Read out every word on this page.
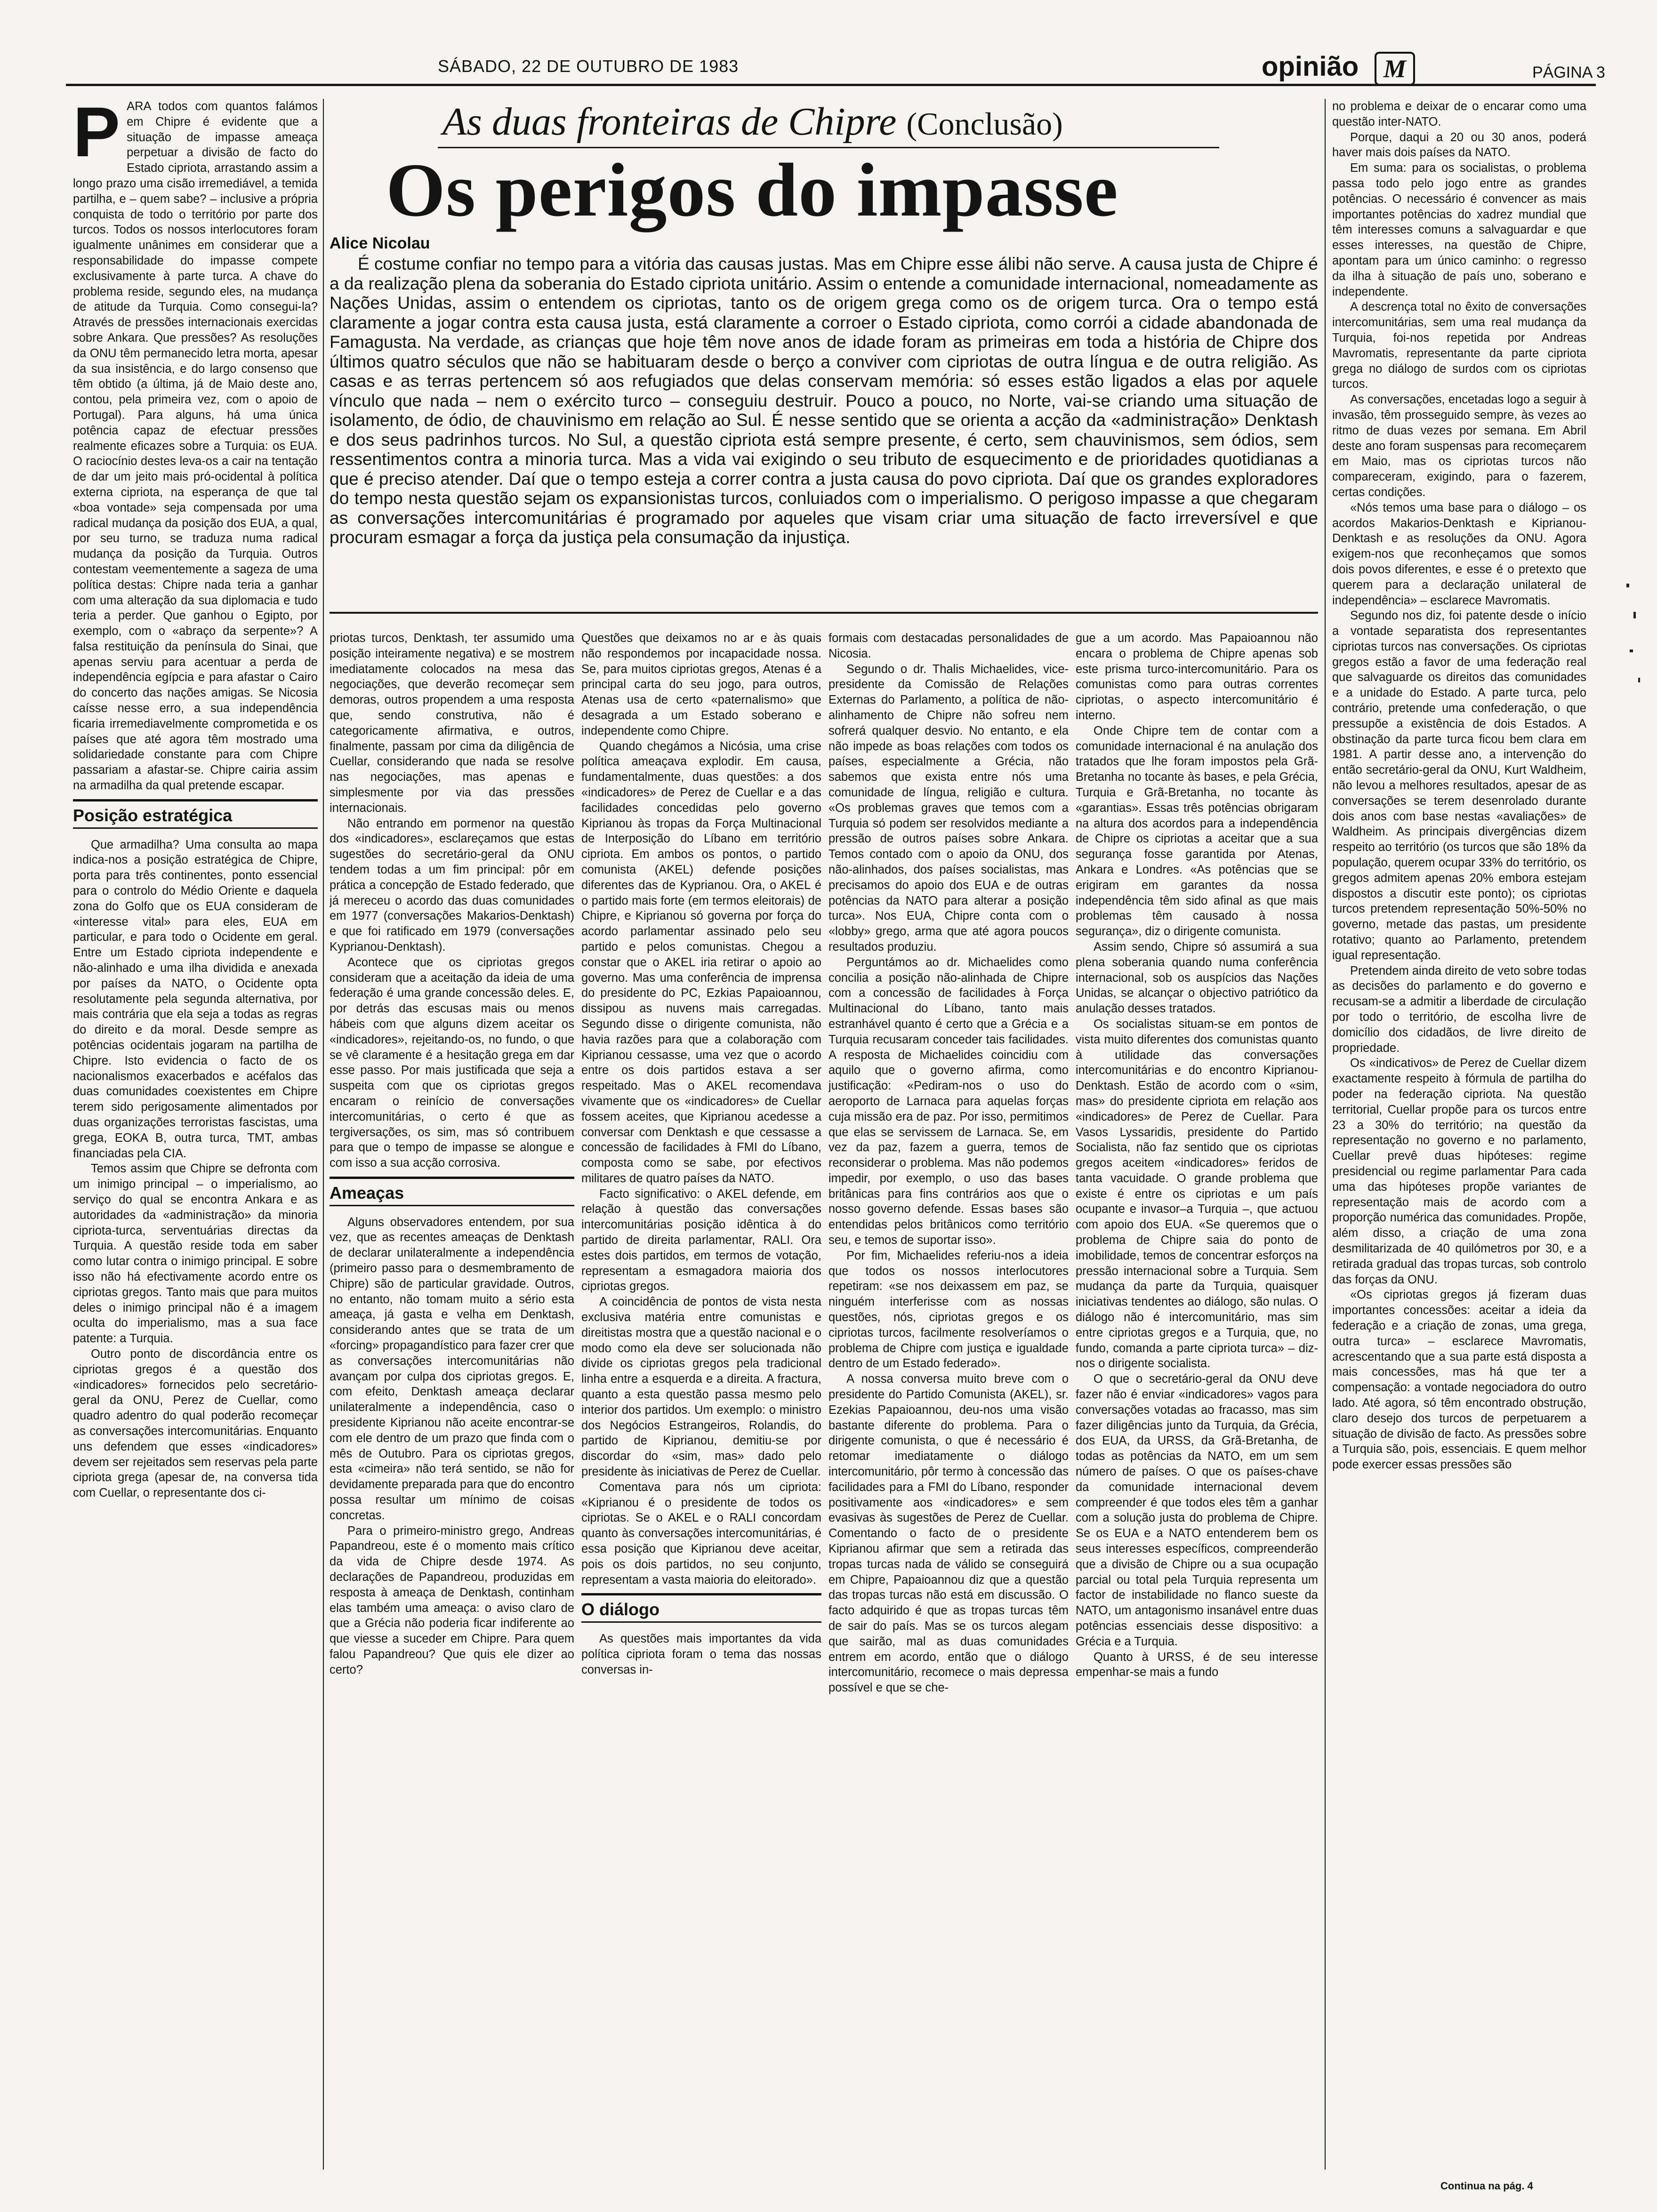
SÁBADO, 22 DE OUTUBRO DE 1983	opinião M	PÁGINA 3
As duas fronteiras de Chipre (Conclusão)
Os perigos do impasse
Alice Nicolau

É costume confiar no tempo para a vitória das causas justas. Mas em Chipre esse álibi não serve. A causa justa de Chipre é a da realização plena da soberania do Estado cipriota unitário. Assim o entende a comunidade internacional, nomeadamente as Nações Unidas, assim o entendem os cipriotas, tanto os de origem grega como os de origem turca. Ora o tempo está claramente a jogar contra esta causa justa, está claramente a corroer o Estado cipriota, como corrói a cidade abandonada de Famagusta. Na verdade, as crianças que hoje têm nove anos de idade foram as primeiras em toda a história de Chipre dos últimos quatro séculos que não se habituaram desde o berço a conviver com cipriotas de outra língua e de outra religião. As casas e as terras pertencem só aos refugiados que delas conservam memória: só esses estão ligados a elas por aquele vínculo que nada – nem o exército turco – conseguiu destruir. Pouco a pouco, no Norte, vai-se criando uma situação de isolamento, de ódio, de chauvinismo em relação ao Sul. É nesse sentido que se orienta a acção da «administração» Denktash e dos seus padrinhos turcos. No Sul, a questão cipriota está sempre presente, é certo, sem chauvinismos, sem ódios, sem ressentimentos contra a minoria turca. Mas a vida vai exigindo o seu tributo de esquecimento e de prioridades quotidianas a que é preciso atender. Daí que o tempo esteja a correr contra a justa causa do povo cipriota. Daí que os grandes exploradores do tempo nesta questão sejam os expansionistas turcos, conluiados com o imperialismo. O perigoso impasse a que chegaram as conversações intercomunitárias é programado por aqueles que visam criar uma situação de facto irreversível e que procuram esmagar a força da justiça pela consumação da injustiça.

PARA todos com quantos falámos em Chipre é evidente que a situação de impasse ameaça perpetuar a divisão de facto do Estado cipriota, arrastando assim a longo prazo uma cisão irremediável, a temida partilha, e – quem sabe? – inclusive a própria conquista de todo o território por parte dos turcos. Todos os nossos interlocutores foram igualmente unânimes em considerar que a responsabilidade do impasse compete exclusivamente à parte turca. A chave do problema reside, segundo eles, na mudança de atitude da Turquia. Como consegui-la? Através de pressões internacionais exercidas sobre Ankara. Que pressões? As resoluções da ONU têm permanecido letra morta, apesar da sua insistência, e do largo consenso que têm obtido (a última, já de Maio deste ano, contou, pela primeira vez, com o apoio de Portugal). Para alguns, há uma única potência capaz de efectuar pressões realmente eficazes sobre a Turquia: os EUA. O raciocínio destes leva-os a cair na tentação de dar um jeito mais pró-ocidental à política externa cipriota, na esperança de que tal «boa vontade» seja compensada por uma radical mudança da posição dos EUA, a qual, por seu turno, se traduza numa radical mudança da posição da Turquia. Outros contestam veementemente a sageza de uma política destas: Chipre nada teria a ganhar com uma alteração da sua diplomacia e tudo teria a perder. Que ganhou o Egipto, por exemplo, com o «abraço da serpente»? A falsa restituição da península do Sinai, que apenas serviu para acentuar a perda de independência egípcia e para afastar o Cairo do concerto das nações amigas. Se Nicosia caísse nesse erro, a sua independência ficaria irremediavelmente comprometida e os países que até agora têm mostrado uma solidariedade constante para com Chipre passariam a afastar-se. Chipre cairia assim na armadilha da qual pretende escapar.

Posição estratégica

Que armadilha? Uma consulta ao mapa indica-nos a posição estratégica de Chipre, porta para três continentes, ponto essencial para o controlo do Médio Oriente e daquela zona do Golfo que os EUA consideram de «interesse vital» para eles, EUA em particular, e para todo o Ocidente em geral. Entre um Estado cipriota independente e não-alinhado e uma ilha dividida e anexada por países da NATO, o Ocidente opta resolutamente pela segunda alternativa, por mais contrária que ela seja a todas as regras do direito e da moral. Desde sempre as potências ocidentais jogaram na partilha de Chipre. Isto evidencia o facto de os nacionalismos exacerbados e acéfalos das duas comunidades coexistentes em Chipre terem sido perigosamente alimentados por duas organizações terroristas fascistas, uma grega, EOKA B, outra turca, TMT, ambas financiadas pela CIA.

Temos assim que Chipre se defronta com um inimigo principal – o imperialismo, ao serviço do qual se encontra Ankara e as autoridades da «administração» da minoria cipriota-turca, serventuárias directas da Turquia. A questão reside toda em saber como lutar contra o inimigo principal. E sobre isso não há efectivamente acordo entre os cipriotas gregos. Tanto mais que para muitos deles o inimigo principal não é a imagem oculta do imperialismo, mas a sua face patente: a Turquia.

Outro ponto de discordância entre os cipriotas gregos é a questão dos «indicadores» fornecidos pelo secretário-geral da ONU, Perez de Cuellar, como quadro adentro do qual poderão recomeçar as conversações intercomunitárias. Enquanto uns defendem que esses «indicadores» devem ser rejeitados sem reservas pela parte cipriota grega (apesar de, na conversa tida com Cuellar, o representante dos ci-

priotas turcos, Denktash, ter assumido uma posição inteiramente negativa) e se mostrem imediatamente colocados na mesa das negociações, que deverão recomeçar sem demoras, outros propendem a uma resposta que, sendo construtiva, não é categoricamente afirmativa, e outros, finalmente, passam por cima da diligência de Cuellar, considerando que nada se resolve nas negociações, mas apenas e simplesmente por via das pressões internacionais.

Não entrando em pormenor na questão dos «indicadores», esclareçamos que estas sugestões do secretário-geral da ONU tendem todas a um fim principal: pôr em prática a concepção de Estado federado, que já mereceu o acordo das duas comunidades em 1977 (conversações Makarios-Denktash) e que foi ratificado em 1979 (conversações Kyprianou-Denktash).

Acontece que os cipriotas gregos consideram que a aceitação da ideia de uma federação é uma grande concessão deles. E, por detrás das escusas mais ou menos hábeis com que alguns dizem aceitar os «indicadores», rejeitando-os, no fundo, o que se vê claramente é a hesitação grega em dar esse passo. Por mais justificada que seja a suspeita com que os cipriotas gregos encaram o reinício de conversações intercomunitárias, o certo é que as tergiversações, os sim, mas só contribuem para que o tempo de impasse se alongue e com isso a sua acção corrosiva.

Ameaças

Alguns observadores entendem, por sua vez, que as recentes ameaças de Denktash de declarar unilateralmente a independência (primeiro passo para o desmembramento de Chipre) são de particular gravidade. Outros, no entanto, não tomam muito a sério esta ameaça, já gasta e velha em Denktash, considerando antes que se trata de um «forcing» propagandístico para fazer crer que as conversações intercomunitárias não avançam por culpa dos cipriotas gregos. E, com efeito, Denktash ameaça declarar unilateralmente a independência, caso o presidente Kiprianou não aceite encontrar-se com ele dentro de um prazo que finda com o mês de Outubro. Para os cipriotas gregos, esta «cimeira» não terá sentido, se não for devidamente preparada para que do encontro possa resultar um mínimo de coisas concretas.

Para o primeiro-ministro grego, Andreas Papandreou, este é o momento mais crítico da vida de Chipre desde 1974. As declarações de Papandreou, produzidas em resposta à ameaça de Denktash, continham elas também uma ameaça: o aviso claro de que a Grécia não poderia ficar indiferente ao que viesse a suceder em Chipre. Para quem falou Papandreou? Que quis ele dizer ao certo?

Questões que deixamos no ar e às quais não respondemos por incapacidade nossa. Se, para muitos cipriotas gregos, Atenas é a principal carta do seu jogo, para outros, Atenas usa de certo «paternalismo» que desagrada a um Estado soberano e independente como Chipre.

Quando chegámos a Nicósia, uma crise política ameaçava explodir. Em causa, fundamentalmente, duas questões: a dos «indicadores» de Perez de Cuellar e a das facilidades concedidas pelo governo Kiprianou às tropas da Força Multinacional de Interposição do Líbano em território cipriota. Em ambos os pontos, o partido comunista (AKEL) defende posições diferentes das de Kyprianou. Ora, o AKEL é o partido mais forte (em termos eleitorais) de Chipre, e Kiprianou só governa por força do acordo parlamentar assinado pelo seu partido e pelos comunistas. Chegou a constar que o AKEL iria retirar o apoio ao governo. Mas uma conferência de imprensa do presidente do PC, Ezkias Papaioannou, dissipou as nuvens mais carregadas. Segundo disse o dirigente comunista, não havia razões para que a colaboração com Kiprianou cessasse, uma vez que o acordo entre os dois partidos estava a ser respeitado. Mas o AKEL recomendava vivamente que os «indicadores» de Cuellar fossem aceites, que Kiprianou acedesse a conversar com Denktash e que cessasse a concessão de facilidades à FMI do Líbano, composta como se sabe, por efectivos militares de quatro países da NATO.

Facto significativo: o AKEL defende, em relação à questão das conversações intercomunitárias posição idêntica à do partido de direita parlamentar, RALI. Ora estes dois partidos, em termos de votação, representam a esmagadora maioria dos cipriotas gregos.

A coincidência de pontos de vista nesta exclusiva matéria entre comunistas e direitistas mostra que a questão nacional e o modo como ela deve ser solucionada não divide os cipriotas gregos pela tradicional linha entre a esquerda e a direita. A fractura, quanto a esta questão passa mesmo pelo interior dos partidos. Um exemplo: o ministro dos Negócios Estrangeiros, Rolandis, do partido de Kiprianou, demitiu-se por discordar do «sim, mas» dado pelo presidente às iniciativas de Perez de Cuellar.

Comentava para nós um cipriota: «Kiprianou é o presidente de todos os cipriotas. Se o AKEL e o RALI concordam quanto às conversações intercomunitárias, é essa posição que Kiprianou deve aceitar, pois os dois partidos, no seu conjunto, representam a vasta maioria do eleitorado».

O diálogo

As questões mais importantes da vida política cipriota foram o tema das nossas conversas in-

formais com destacadas personalidades de Nicosia.

Segundo o dr. Thalis Michaelides, vice-presidente da Comissão de Relações Externas do Parlamento, a política de não-alinhamento de Chipre não sofreu nem sofrerá qualquer desvio. No entanto, e ela não impede as boas relações com todos os países, especialmente a Grécia, não sabemos que exista entre nós uma comunidade de língua, religião e cultura. «Os problemas graves que temos com a Turquia só podem ser resolvidos mediante a pressão de outros países sobre Ankara. Temos contado com o apoio da ONU, dos não-alinhados, dos países socialistas, mas precisamos do apoio dos EUA e de outras potências da NATO para alterar a posição turca». Nos EUA, Chipre conta com o «lobby» grego, arma que até agora poucos resultados produziu.

Perguntámos ao dr. Michaelides como concilia a posição não-alinhada de Chipre com a concessão de facilidades à Força Multinacional do Líbano, tanto mais estranhável quanto é certo que a Grécia e a Turquia recusaram conceder tais facilidades. A resposta de Michaelides coincidiu com aquilo que o governo afirma, como justificação: «Pediram-nos o uso do aeroporto de Larnaca para aquelas forças cuja missão era de paz. Por isso, permitimos que elas se servissem de Larnaca. Se, em vez da paz, fazem a guerra, temos de reconsiderar o problema. Mas não podemos impedir, por exemplo, o uso das bases britânicas para fins contrários aos que o nosso governo defende. Essas bases são entendidas pelos britânicos como território seu, e temos de suportar isso».

Por fim, Michaelides referiu-nos a ideia que todos os nossos interlocutores repetiram: «se nos deixassem em paz, se ninguém interferisse com as nossas questões, nós, cipriotas gregos e os cipriotas turcos, facilmente resolveríamos o problema de Chipre com justiça e igualdade dentro de um Estado federado».

A nossa conversa muito breve com o presidente do Partido Comunista (AKEL), sr. Ezekias Papaioannou, deu-nos uma visão bastante diferente do problema. Para o dirigente comunista, o que é necessário é retomar imediatamente o diálogo intercomunitário, pôr termo à concessão das facilidades para a FMI do Líbano, responder positivamente aos «indicadores» e sem evasivas às sugestões de Perez de Cuellar. Comentando o facto de o presidente Kiprianou afirmar que sem a retirada das tropas turcas nada de válido se conseguirá em Chipre, Papaioannou diz que a questão das tropas turcas não está em discussão. O facto adquirido é que as tropas turcas têm de sair do país. Mas se os turcos alegam que sairão, mal as duas comunidades entrem em acordo, então que o diálogo intercomunitário, recomece o mais depressa possível e que se che-

gue a um acordo. Mas Papaioannou não encara o problema de Chipre apenas sob este prisma turco-intercomunitário. Para os comunistas como para outras correntes cipriotas, o aspecto intercomunitário é interno.

Onde Chipre tem de contar com a comunidade internacional é na anulação dos tratados que lhe foram impostos pela Grã-Bretanha no tocante às bases, e pela Grécia, Turquia e Grã-Bretanha, no tocante às «garantias». Essas três potências obrigaram na altura dos acordos para a independência de Chipre os cipriotas a aceitar que a sua segurança fosse garantida por Atenas, Ankara e Londres. «As potências que se erigiram em garantes da nossa independência têm sido afinal as que mais problemas têm causado à nossa segurança», diz o dirigente comunista.

Assim sendo, Chipre só assumirá a sua plena soberania quando numa conferência internacional, sob os auspícios das Nações Unidas, se alcançar o objectivo patriótico da anulação desses tratados.

Os socialistas situam-se em pontos de vista muito diferentes dos comunistas quanto à utilidade das conversações intercomunitárias e do encontro Kiprianou-Denktash. Estão de acordo com o «sim, mas» do presidente cipriota em relação aos «indicadores» de Perez de Cuellar. Para Vasos Lyssaridis, presidente do Partido Socialista, não faz sentido que os cipriotas gregos aceitem «indicadores» feridos de tanta vacuidade. O grande problema que existe é entre os cipriotas e um país ocupante e invasor–a Turquia –, que actuou com apoio dos EUA. «Se queremos que o problema de Chipre saia do ponto de imobilidade, temos de concentrar esforços na pressão internacional sobre a Turquia. Sem mudança da parte da Turquia, quaisquer iniciativas tendentes ao diálogo, são nulas. O diálogo não é intercomunitário, mas sim entre cipriotas gregos e a Turquia, que, no fundo, comanda a parte cipriota turca» – diz-nos o dirigente socialista.

O que o secretário-geral da ONU deve fazer não é enviar «indicadores» vagos para conversações votadas ao fracasso, mas sim fazer diligências junto da Turquia, da Grécia, dos EUA, da URSS, da Grã-Bretanha, de todas as potências da NATO, em um sem número de países. O que os países-chave da comunidade internacional devem compreender é que todos eles têm a ganhar com a solução justa do problema de Chipre. Se os EUA e a NATO entenderem bem os seus interesses específicos, compreenderão que a divisão de Chipre ou a sua ocupação parcial ou total pela Turquia representa um factor de instabilidade no flanco sueste da NATO, um antagonismo insanável entre duas potências essenciais desse dispositivo: a Grécia e a Turquia.

Quanto à URSS, é de seu interesse empenhar-se mais a fundo

no problema e deixar de o encarar como uma questão inter-NATO.

Porque, daqui a 20 ou 30 anos, poderá haver mais dois países da NATO.

Em suma: para os socialistas, o problema passa todo pelo jogo entre as grandes potências. O necessário é convencer as mais importantes potências do xadrez mundial que têm interesses comuns a salvaguardar e que esses interesses, na questão de Chipre, apontam para um único caminho: o regresso da ilha à situação de país uno, soberano e independente.

A descrença total no êxito de conversações intercomunitárias, sem uma real mudança da Turquia, foi-nos repetida por Andreas Mavromatis, representante da parte cipriota grega no diálogo de surdos com os cipriotas turcos.

As conversações, encetadas logo a seguir à invasão, têm prosseguido sempre, às vezes ao ritmo de duas vezes por semana. Em Abril deste ano foram suspensas para recomeçarem em Maio, mas os cipriotas turcos não compareceram, exigindo, para o fazerem, certas condições.

«Nós temos uma base para o diálogo – os acordos Makarios-Denktash e Kiprianou-Denktash e as resoluções da ONU. Agora exigem-nos que reconheçamos que somos dois povos diferentes, e esse é o pretexto que querem para a declaração unilateral de independência» – esclarece Mavromatis.

Segundo nos diz, foi patente desde o início a vontade separatista dos representantes cipriotas turcos nas conversações. Os cipriotas gregos estão a favor de uma federação real que salvaguarde os direitos das comunidades e a unidade do Estado. A parte turca, pelo contrário, pretende uma confederação, o que pressupõe a existência de dois Estados. A obstinação da parte turca ficou bem clara em 1981. A partir desse ano, a intervenção do então secretário-geral da ONU, Kurt Waldheim, não levou a melhores resultados, apesar de as conversações se terem desenrolado durante dois anos com base nestas «avaliações» de Waldheim. As principais divergências dizem respeito ao território (os turcos que são 18% da população, querem ocupar 33% do território, os gregos admitem apenas 20% embora estejam dispostos a discutir este ponto); os cipriotas turcos pretendem representação 50%-50% no governo, metade das pastas, um presidente rotativo; quanto ao Parlamento, pretendem igual representação.

Pretendem ainda direito de veto sobre todas as decisões do parlamento e do governo e recusam-se a admitir a liberdade de circulação por todo o território, de escolha livre de domicílio dos cidadãos, de livre direito de propriedade.

Os «indicativos» de Perez de Cuellar dizem exactamente respeito à fórmula de partilha do poder na federação cipriota. Na questão territorial, Cuellar propõe para os turcos entre 23 a 30% do território; na questão da representação no governo e no parlamento, Cuellar prevê duas hipóteses: regime presidencial ou regime parlamentar Para cada uma das hipóteses propõe variantes de representação mais de acordo com a proporção numérica das comunidades. Propõe, além disso, a criação de uma zona desmilitarizada de 40 quilómetros por 30, e a retirada gradual das tropas turcas, sob controlo das forças da ONU.

«Os cipriotas gregos já fizeram duas importantes concessões: aceitar a ideia da federação e a criação de zonas, uma grega, outra turca» – esclarece Mavromatis, acrescentando que a sua parte está disposta a mais concessões, mas há que ter a compensação: a vontade negociadora do outro lado. Até agora, só têm encontrado obstrução, claro desejo dos turcos de perpetuarem a situação de divisão de facto. As pressões sobre a Turquia são, pois, essenciais. E quem melhor pode exercer essas pressões são

Continua na pág. 4
